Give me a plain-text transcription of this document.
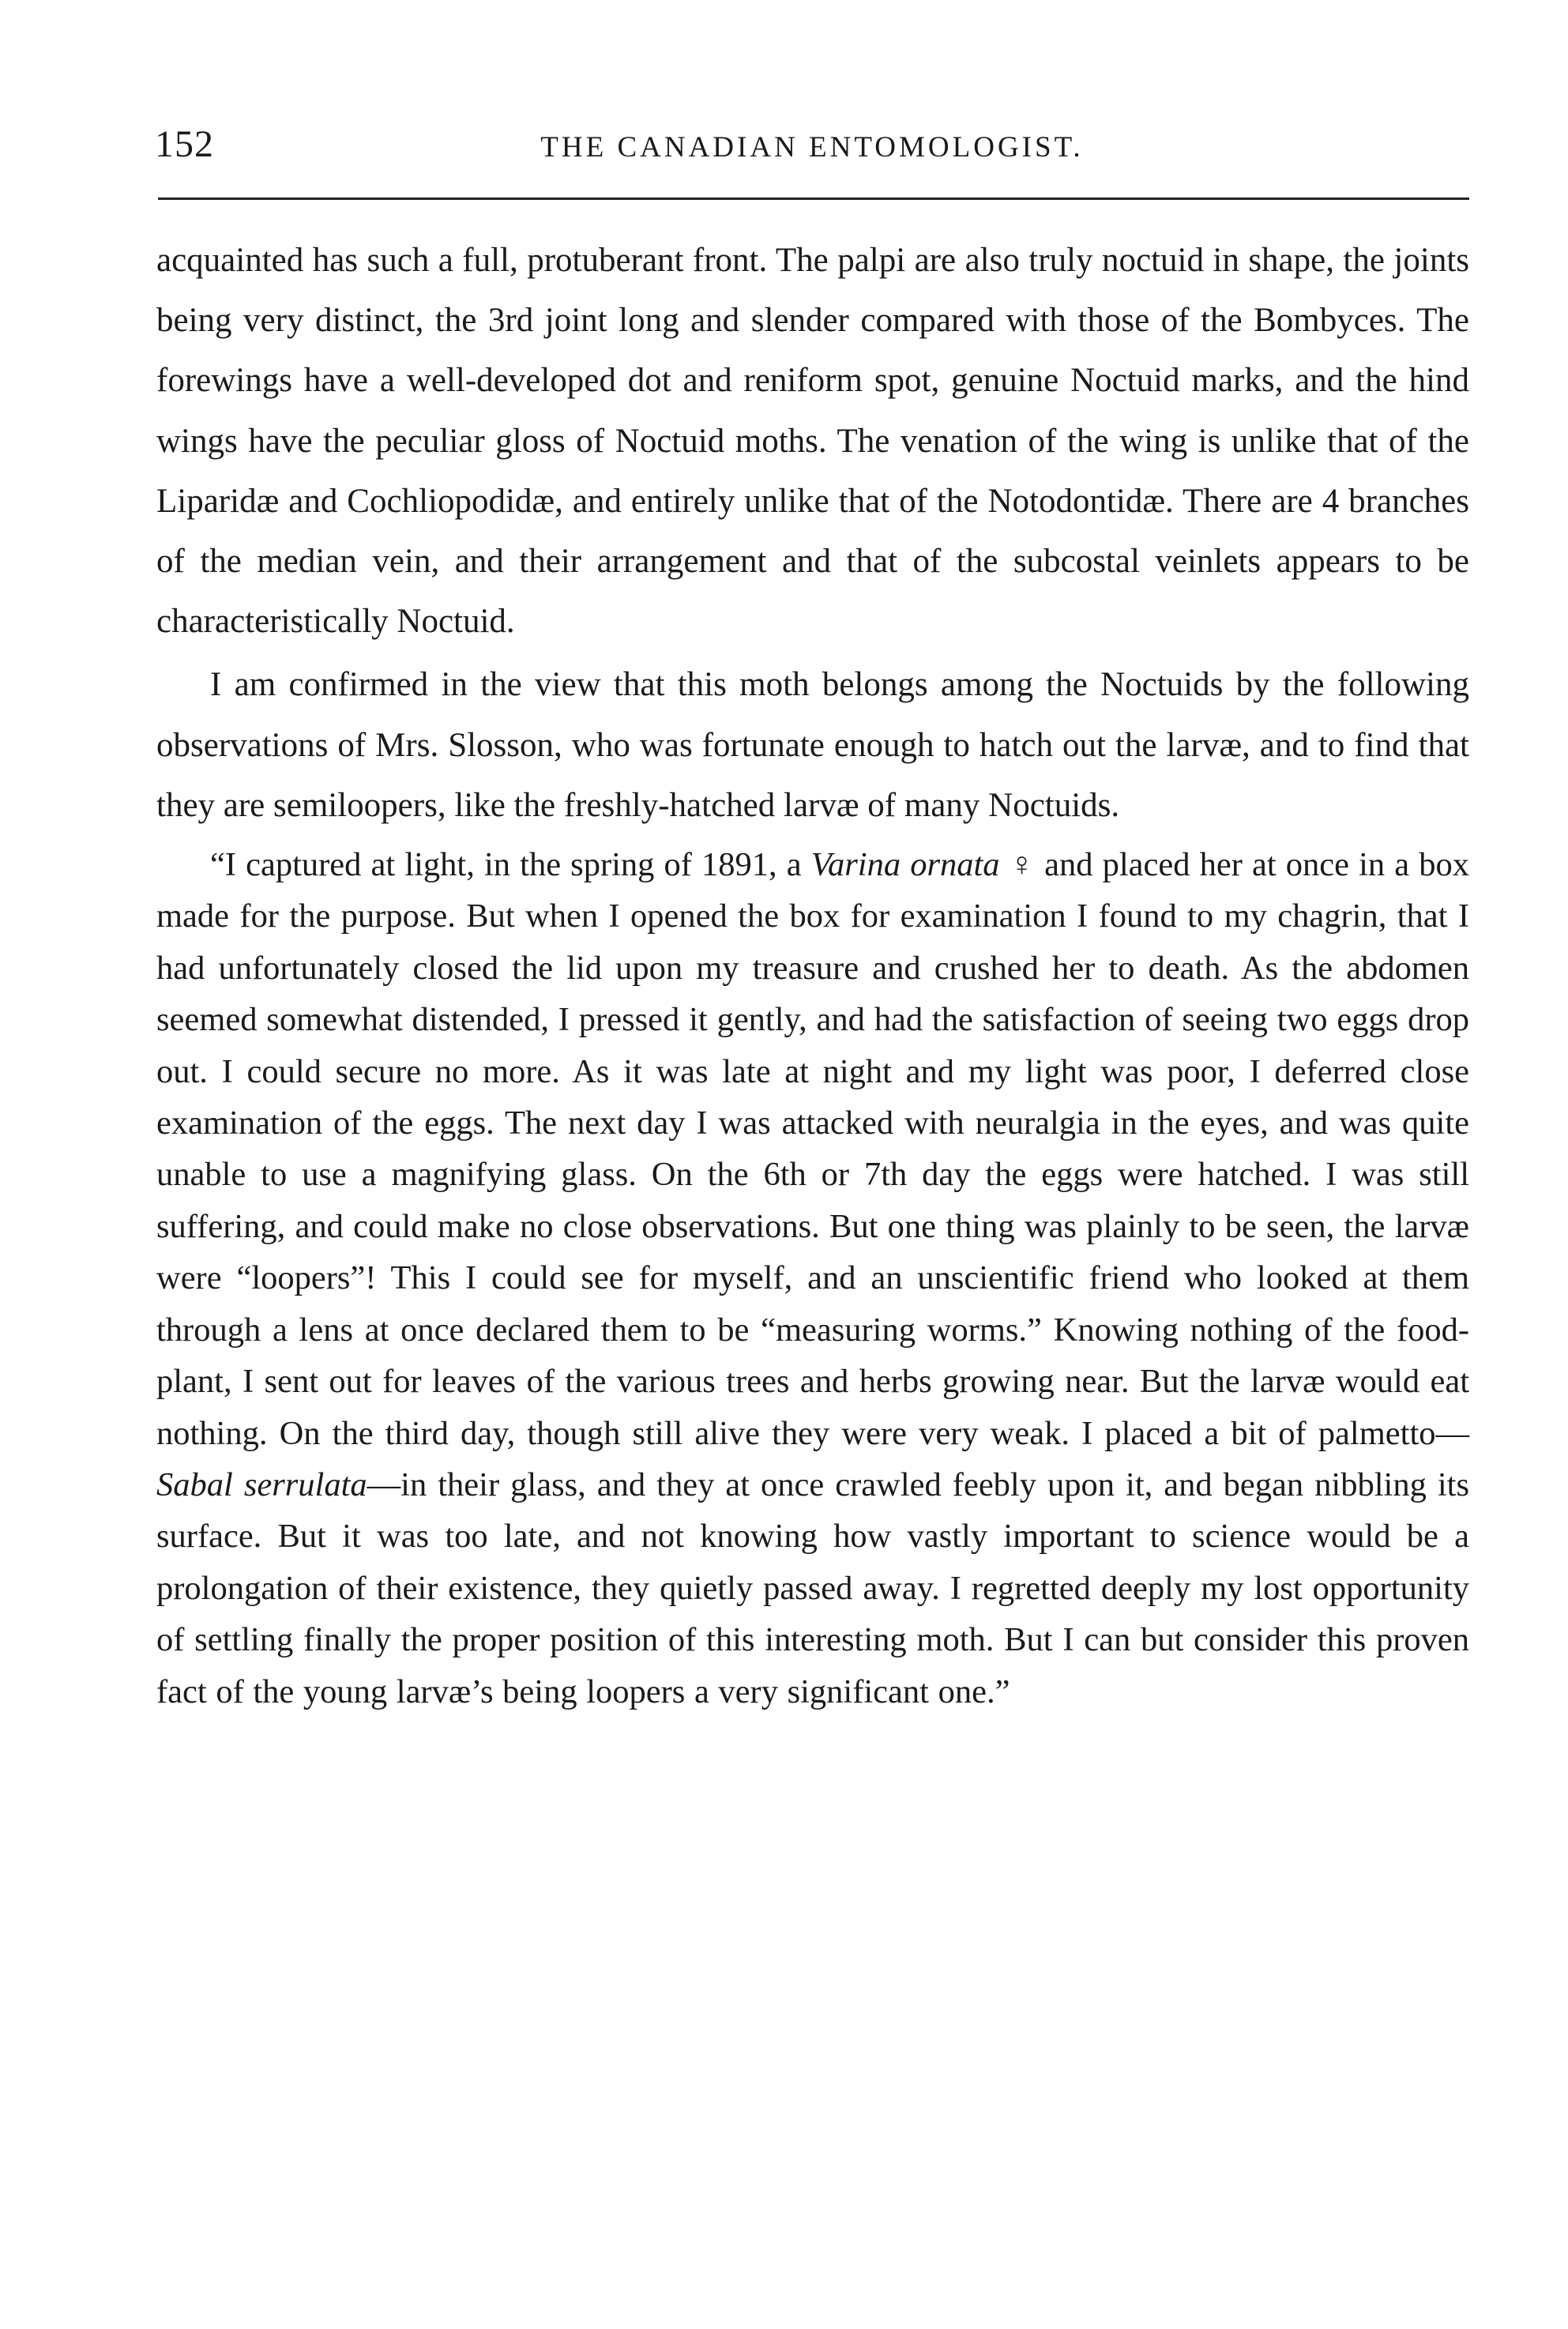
152	THE CANADIAN ENTOMOLOGIST.

acquainted has such a full, protuberant front. The palpi are also truly noctuid in shape, the joints being very distinct, the 3rd joint long and slender compared with those of the Bombyces. The forewings have a well-developed dot and reniform spot, genuine Noctuid marks, and the hind wings have the peculiar gloss of Noctuid moths. The venation of the wing is unlike that of the Liparidæ and Cochliopodidæ, and entirely unlike that of the Notodontidæ. There are 4 branches of the median vein, and their arrangement and that of the subcostal veinlets appears to be characteristically Noctuid.

I am confirmed in the view that this moth belongs among the Noctuids by the following observations of Mrs. Slosson, who was fortunate enough to hatch out the larvæ, and to find that they are semiloopers, like the freshly-hatched larvæ of many Noctuids.

“I captured at light, in the spring of 1891, a Varina ornata ♀ and placed her at once in a box made for the purpose. But when I opened the box for examination I found to my chagrin, that I had unfortunately closed the lid upon my treasure and crushed her to death. As the abdomen seemed somewhat distended, I pressed it gently, and had the satisfaction of seeing two eggs drop out. I could secure no more. As it was late at night and my light was poor, I deferred close examination of the eggs. The next day I was attacked with neuralgia in the eyes, and was quite unable to use a magnifying glass. On the 6th or 7th day the eggs were hatched. I was still suffering, and could make no close observations. But one thing was plainly to be seen, the larvæ were “loopers”! This I could see for myself, and an unscientific friend who looked at them through a lens at once declared them to be “measuring worms.” Knowing nothing of the food-plant, I sent out for leaves of the various trees and herbs growing near. But the larvæ would eat nothing. On the third day, though still alive they were very weak. I placed a bit of palmetto—Sabal serrulata—in their glass, and they at once crawled feebly upon it, and began nibbling its surface. But it was too late, and not knowing how vastly important to science would be a prolongation of their existence, they quietly passed away. I regretted deeply my lost opportunity of settling finally the proper position of this interesting moth. But I can but consider this proven fact of the young larvæ’s being loopers a very significant one.”
